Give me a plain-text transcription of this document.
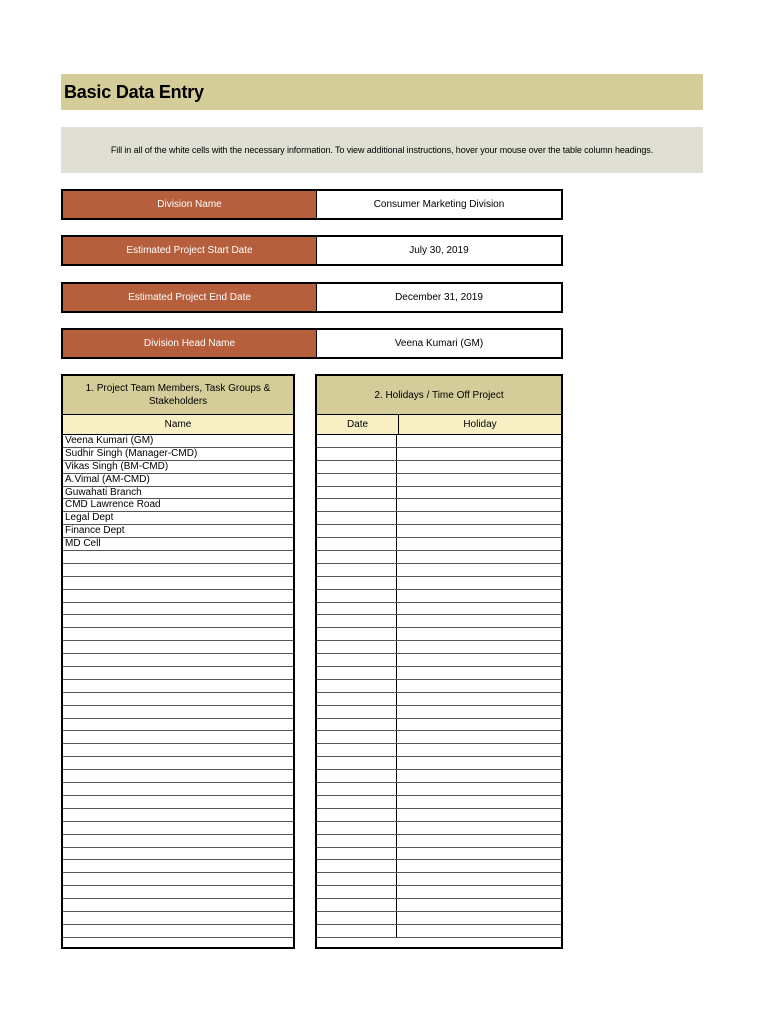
Basic Data Entry
Fill in all of the white cells with the necessary information. To view additional instructions, hover your mouse over the table column headings.
Division Name	Consumer Marketing Division
Estimated Project Start Date	July 30, 2019
Estimated Project End Date	December 31, 2019
Division Head Name	Veena Kumari (GM)
1. Project Team Members, Task Groups & Stakeholders
Name
Veena Kumari (GM)
Sudhir Singh (Manager-CMD)
Vikas Singh (BM-CMD)
A.Vimal (AM-CMD)
Guwahati Branch
CMD Lawrence Road
Legal Dept
Finance Dept
MD Cell
2. Holidays / Time Off Project
Date	Holiday
